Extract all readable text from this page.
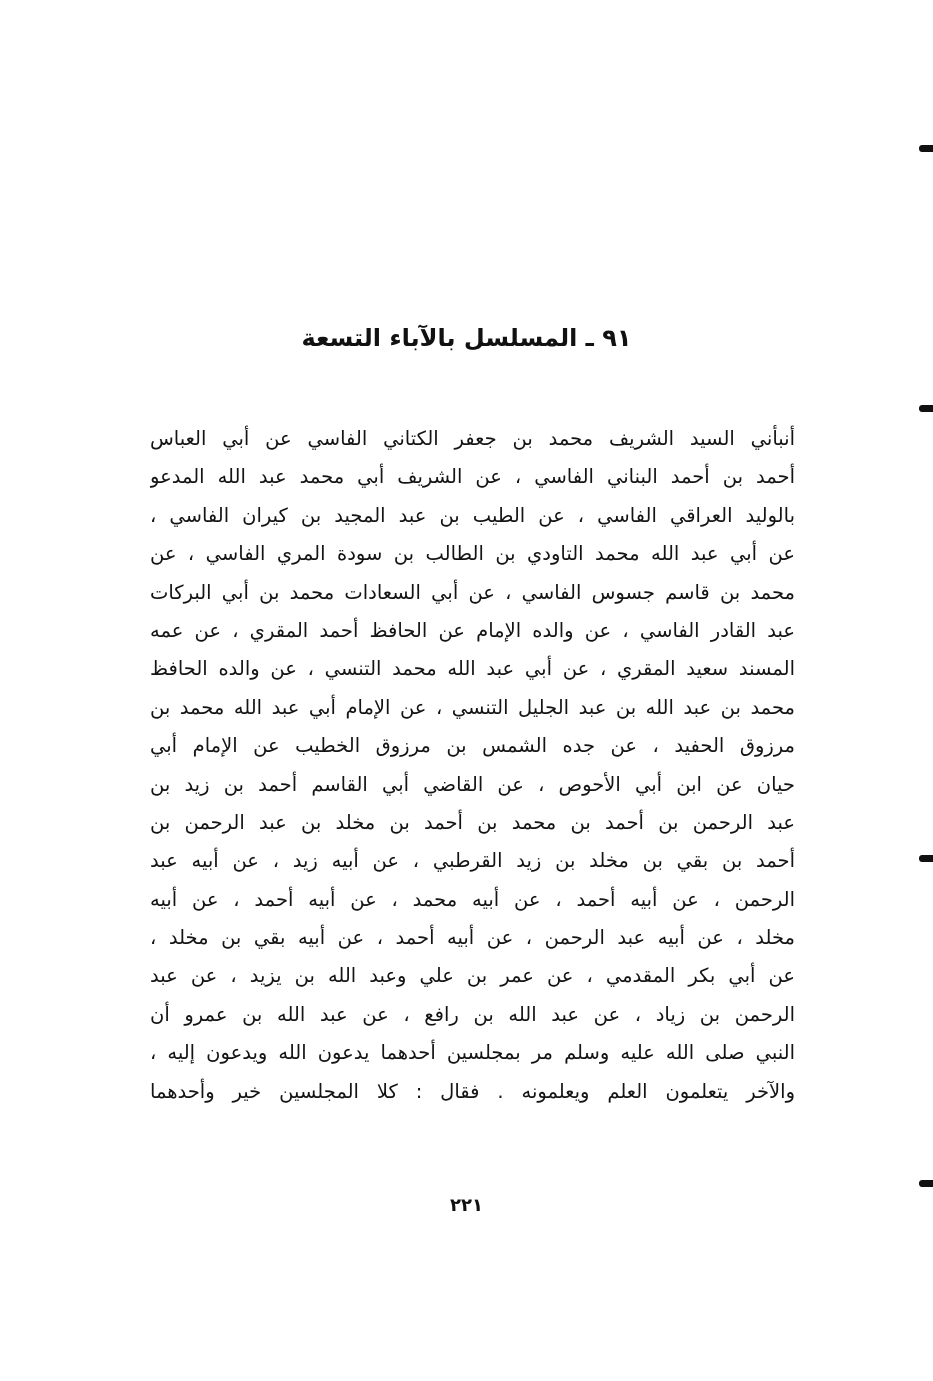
٩١ ـ المسلسل بالآباء التسعة
أنبأني السيد الشريف محمد بن جعفر الكتاني الفاسي عن أبي العباس
أحمد بن أحمد البناني الفاسي ، عن الشريف أبي محمد عبد الله المدعو
بالوليد العراقي الفاسي ، عن الطيب بن عبد المجيد بن كيران الفاسي ،
عن أبي عبد الله محمد التاودي بن الطالب بن سودة المري الفاسي ، عن
محمد بن قاسم جسوس الفاسي ، عن أبي السعادات محمد بن أبي البركات
عبد القادر الفاسي ، عن والده الإمام عن الحافظ أحمد المقري ، عن عمه
المسند سعيد المقري ، عن أبي عبد الله محمد التنسي ، عن والده الحافظ
محمد بن عبد الله بن عبد الجليل التنسي ، عن الإمام أبي عبد الله محمد بن
مرزوق الحفيد ، عن جده الشمس بن مرزوق الخطيب عن الإمام أبي
حيان عن ابن أبي الأحوص ، عن القاضي أبي القاسم أحمد بن زيد بن
عبد الرحمن بن أحمد بن محمد بن أحمد بن مخلد بن عبد الرحمن بن
أحمد بن بقي بن مخلد بن زيد القرطبي ، عن أبيه زيد ، عن أبيه عبد
الرحمن ، عن أبيه أحمد ، عن أبيه محمد ، عن أبيه أحمد ، عن أبيه
مخلد ، عن أبيه عبد الرحمن ، عن أبيه أحمد ، عن أبيه بقي بن مخلد ،
عن أبي بكر المقدمي ، عن عمر بن علي وعبد الله بن يزيد ، عن عبد
الرحمن بن زياد ، عن عبد الله بن رافع ، عن عبد الله بن عمرو أن
النبي صلى الله عليه وسلم مر بمجلسين أحدهما يدعون الله ويدعون إليه ،
والآخر يتعلمون العلم ويعلمونه . فقال : كلا المجلسين خير وأحدهما
٢٢١
